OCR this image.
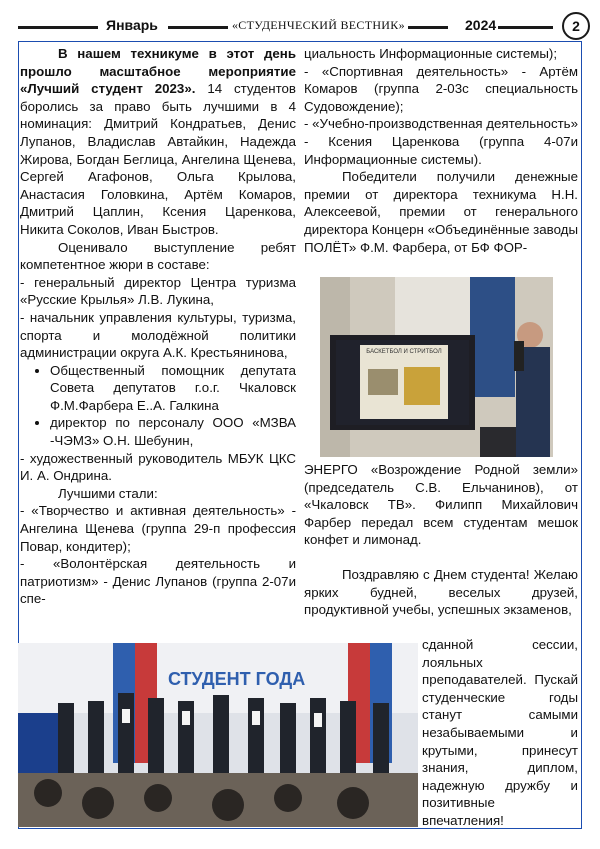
Январь	«СТУДЕНЧЕСКИЙ ВЕСТНИК»	2024	2

В нашем техникуме в этот день прошло масштабное мероприятие «Лучший студент 2023». 14 студентов боролись за право быть лучшими в 4 номинация: Дмитрий Кондратьев, Денис Лупанов, Владислав Автайкин, Надежда Жирова, Богдан Беглица, Ангелина Щенева, Сергей Агафонов, Ольга Крылова, Анастасия Головкина, Артём Комаров, Дмитрий Цаплин, Ксения Царенкова, Никита Соколов, Иван Быстров.

Оценивало выступление ребят компетентное жюри в составе:

- генеральный директор Центра туризма «Русские Крылья» Л.В. Лукина,

- начальник управления культуры, туризма, спорта и молодёжной политики администрации округа А.К. Крестьянинова,

• Общественный помощник депутата Совета депутатов г.о.г. Чкаловск Ф.М.Фарбера Е..А. Галкина
• директор по персоналу ООО «МЗВА -ЧЭМЗ» О.Н. Шебунин,

- художественный руководитель МБУК ЦКС И. А. Ондрина.

Лучшими стали:

- «Творчество и активная деятельность» - Ангелина Щенева (группа 29-п профессия Повар, кондитер);

- «Волонтёрская деятельность и патриотизм» - Денис Лупанов (группа 2-07и спе-

циальность Информационные системы);

- «Спортивная деятельность» - Артём Комаров (группа 2-03с специальность Судовождение);

- «Учебно-производственная деятельность» - Ксения Царенкова (группа 4-07и Информационные системы).

Победители получили денежные премии от директора техникума Н.Н. Алексеевой, премии от генерального директора Концерн «Объединённые заводы ПОЛЁТ» Ф.М. Фарбера, от БФ ФОР-

БАСКЕТБОЛ И СТРИТБОЛ

ЭНЕРГО «Возрождение Родной земли» (председатель С.В. Ельчанинов), от «Чкаловск ТВ». Филипп Михайлович Фарбер передал всем студентам мешок конфет и лимонад.

Поздравляю с Днем студента! Желаю ярких будней, веселых друзей, продуктивной учебы, успешных экзаменов,

сданной сессии, лояльных преподавателей. Пускай студенческие годы станут самыми незабываемыми и крутыми, принесут знания, диплом, надежную дружбу и позитивные впечатления!

СТУДЕНТ ГОДА
